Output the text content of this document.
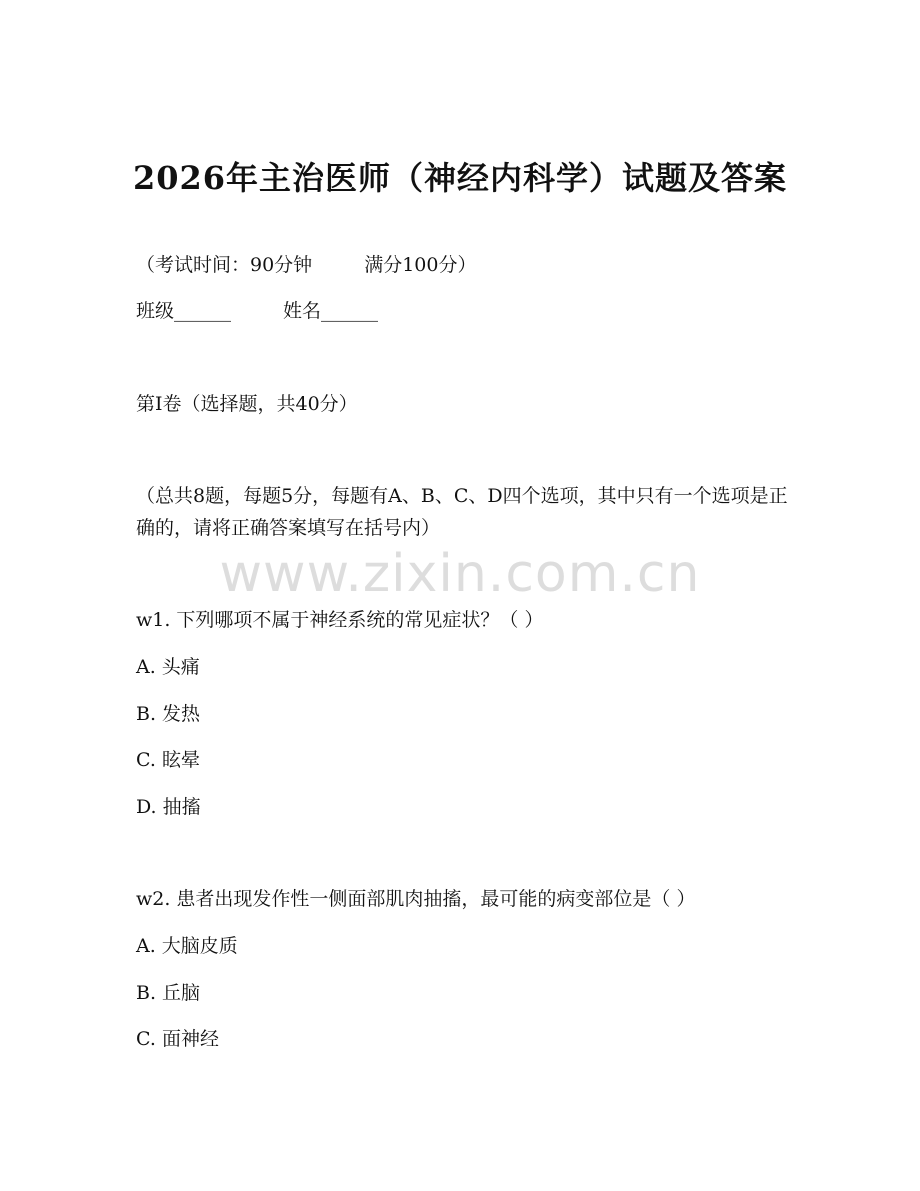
www.zixin.com.cn
2026年主治医师（神经内科学）试题及答案
（考试时间：90分钟	满分100分）
班级______	姓名______
第Ⅰ卷（选择题，共40分）
（总共8题，每题5分，每题有A、B、C、D四个选项，其中只有一个选项是正确的，请将正确答案填写在括号内）
w1. 下列哪项不属于神经系统的常见症状？（ ）
A. 头痛
B. 发热
C. 眩晕
D. 抽搐
w2. 患者出现发作性一侧面部肌肉抽搐，最可能的病变部位是（ ）
A. 大脑皮质
B. 丘脑
C. 面神经
